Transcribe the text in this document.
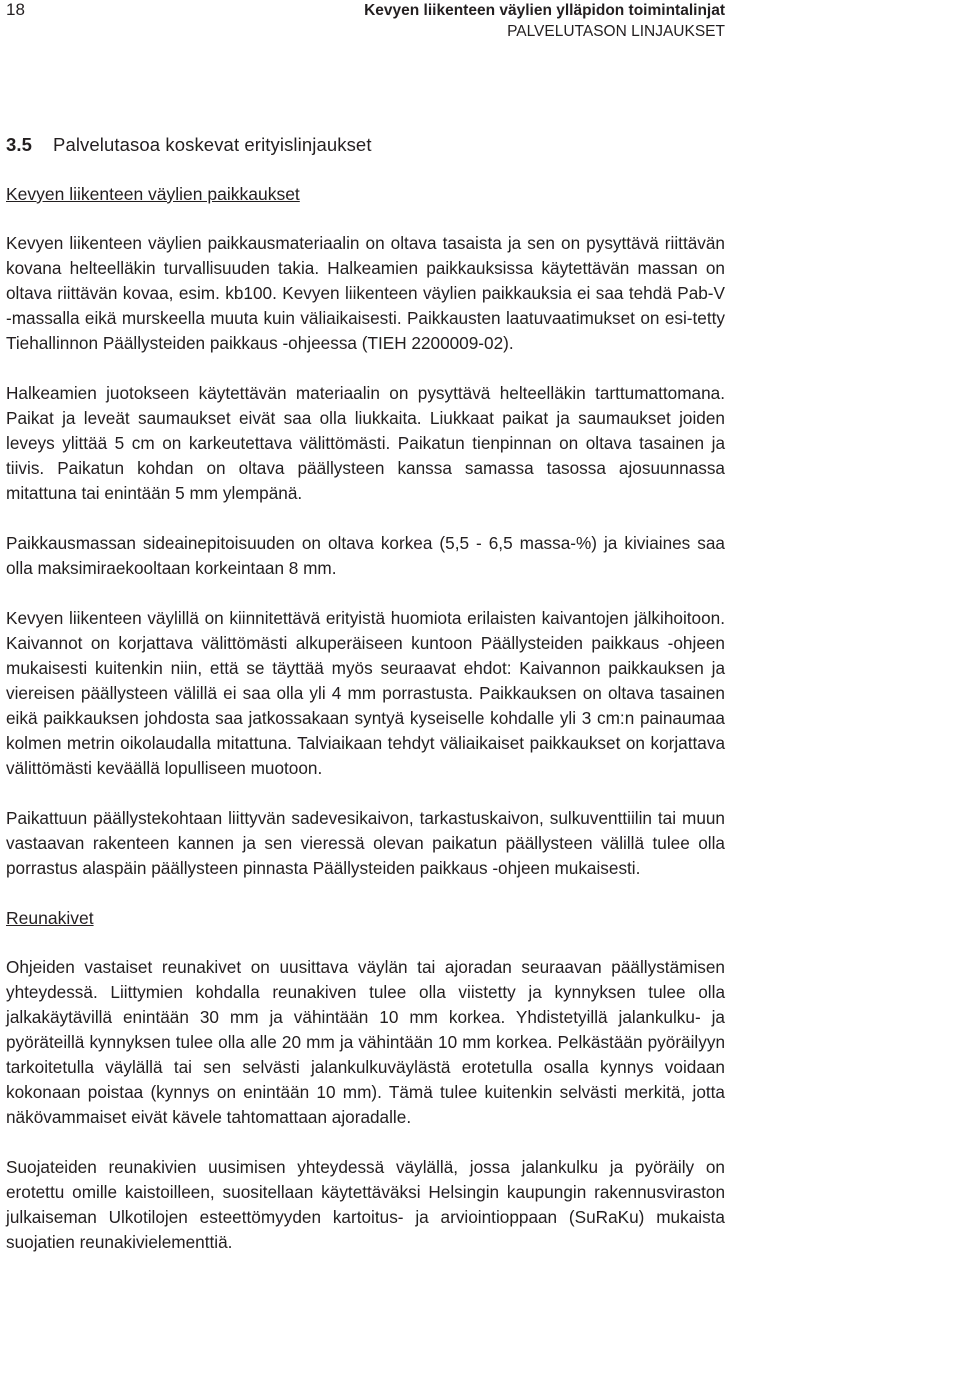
18	Kevyen liikenteen väylien ylläpidon toimintalinjat
PALVELUTASON LINJAUKSET
3.5 Palvelutasoa koskevat erityislinjaukset
Kevyen liikenteen väylien paikkaukset

Kevyen liikenteen väylien paikkausmateriaalin on oltava tasaista ja sen on pysyttävä riittävän kovana helteelläkin turvallisuuden takia. Halkeamien paikkauksissa käytettävän massan on oltava riittävän kovaa, esim. kb100. Kevyen liikenteen väylien paikkauksia ei saa tehdä Pab-V -massalla eikä murskeella muuta kuin väliaikaisesti. Paikkausten laatuvaatimukset on esi-tetty Tiehallinnon Päällysteiden paikkaus -ohjeessa (TIEH 2200009-02).

Halkeamien juotokseen käytettävän materiaalin on pysyttävä helteelläkin tarttumattomana. Paikat ja leveät saumaukset eivät saa olla liukkaita. Liukkaat paikat ja saumaukset joiden leveys ylittää 5 cm on karkeutettava välittömästi. Paikatun tienpinnan on oltava tasainen ja tiivis. Paikatun kohdan on oltava päällysteen kanssa samassa tasossa ajosuunnassa mitattuna tai enintään 5 mm ylempänä.

Paikkausmassan sideainepitoisuuden on oltava korkea (5,5 - 6,5 massa-%) ja kiviaines saa olla maksimiraekooltaan korkeintaan 8 mm.

Kevyen liikenteen väylillä on kiinnitettävä erityistä huomiota erilaisten kaivantojen jälkihoitoon. Kaivannot on korjattava välittömästi alkuperäiseen kuntoon Päällysteiden paikkaus -ohjeen mukaisesti kuitenkin niin, että se täyttää myös seuraavat ehdot: Kaivannon paikkauksen ja viereisen päällysteen välillä ei saa olla yli 4 mm porrastusta. Paikkauksen on oltava tasainen eikä paikkauksen johdosta saa jatkossakaan syntyä kyseiselle kohdalle yli 3 cm:n painaumaa kolmen metrin oikolaudalla mitattuna. Talviaikaan tehdyt väliaikaiset paikkaukset on korjattava välittömästi keväällä lopulliseen muotoon.

Paikattuun päällystekohtaan liittyvän sadevesikaivon, tarkastuskaivon, sulkuventtiilin tai muun vastaavan rakenteen kannen ja sen vieressä olevan paikatun päällysteen välillä tulee olla porrastus alaspäin päällysteen pinnasta Päällysteiden paikkaus -ohjeen mukaisesti.

Reunakivet

Ohjeiden vastaiset reunakivet on uusittava väylän tai ajoradan seuraavan päällystämisen yhteydessä. Liittymien kohdalla reunakiven tulee olla viistetty ja kynnyksen tulee olla jalkakäytävillä enintään 30 mm ja vähintään 10 mm korkea. Yhdistetyillä jalankulku- ja pyöräteillä kynnyksen tulee olla alle 20 mm ja vähintään 10 mm korkea. Pelkästään pyöräilyyn tarkoitetulla väylällä tai sen selvästi jalankulkuväylästä erotetulla osalla kynnys voidaan kokonaan poistaa (kynnys on enintään 10 mm). Tämä tulee kuitenkin selvästi merkitä, jotta näkövammaiset eivät kävele tahtomattaan ajoradalle.

Suojateiden reunakivien uusimisen yhteydessä väylällä, jossa jalankulku ja pyöräily on erotettu omille kaistoilleen, suositellaan käytettäväksi Helsingin kaupungin rakennusviraston julkaiseman Ulkotilojen esteettömyyden kartoitus- ja arviointioppaan (SuRaKu) mukaista suojatien reunakivielementtiä.
